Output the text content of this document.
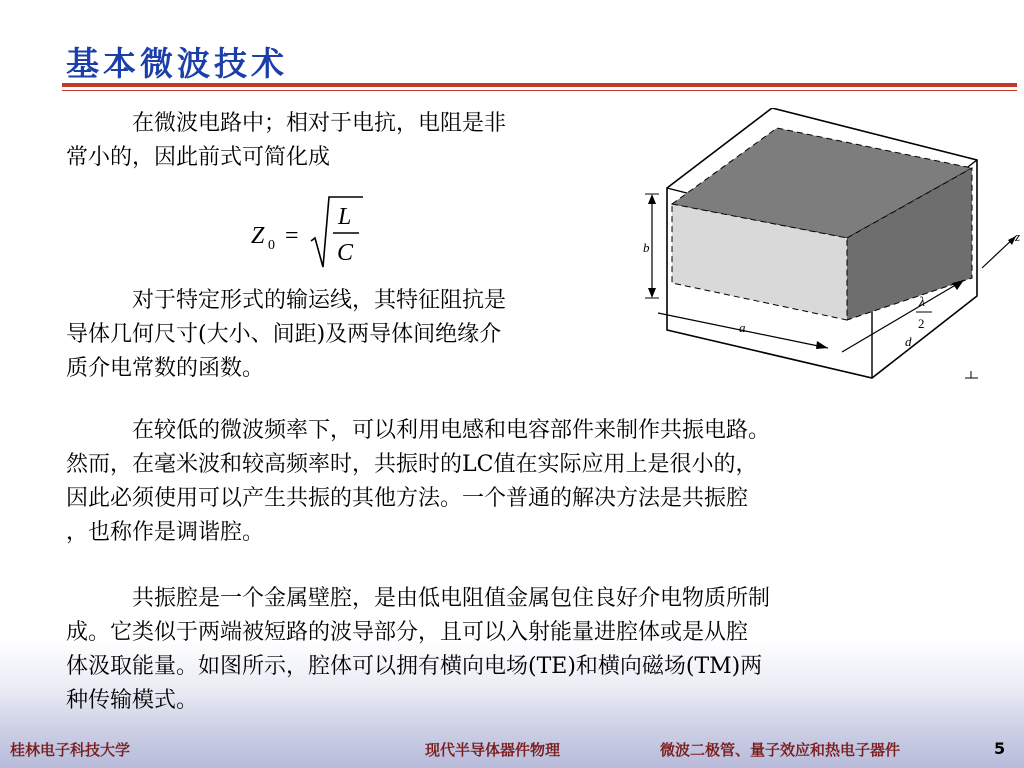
基本微波技术
在微波电路中；相对于电抗，电阻是非
常小的，因此前式可简化成
Z 0 =
L
C
对于特定形式的输运线，其特征阻抗是
导体几何尺寸(大小、间距)及两导体间绝缘介
质介电常数的函数。
b
a
d
λ
2
z
在较低的微波频率下，可以利用电感和电容部件来制作共振电路。
然而，在毫米波和较高频率时，共振时的LC值在实际应用上是很小的，
因此必须使用可以产生共振的其他方法。一个普通的解决方法是共振腔
，也称作是调谐腔。
共振腔是一个金属壁腔，是由低电阻值金属包住良好介电物质所制
成。它类似于两端被短路的波导部分，且可以入射能量进腔体或是从腔
体汲取能量。如图所示，腔体可以拥有横向电场(TE)和横向磁场(TM)两
种传输模式。
桂林电子科技大学	现代半导体器件物理	微波二极管、量子效应和热电子器件	5
